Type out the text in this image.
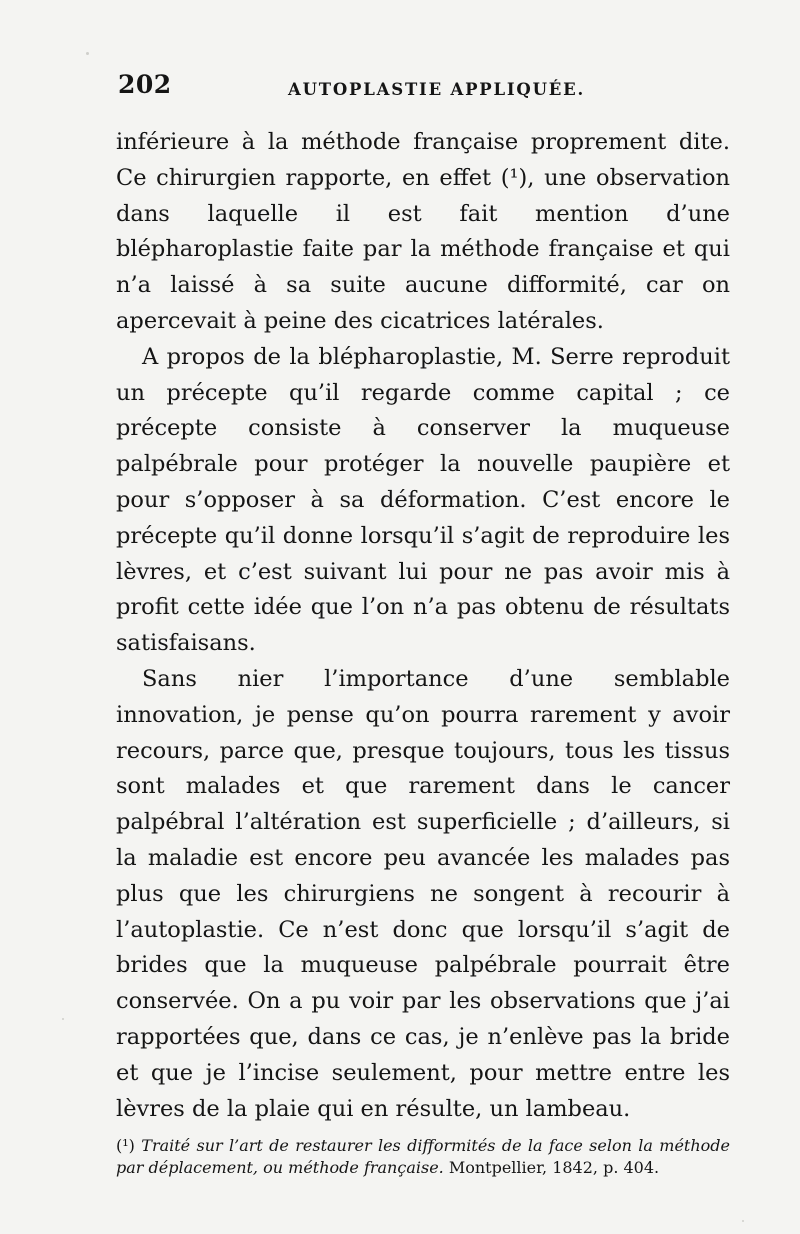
202	AUTOPLASTIE APPLIQUÉE.

inférieure à la méthode française proprement dite. Ce chirurgien rapporte, en effet (¹), une observation dans laquelle il est fait mention d’une blépharoplastie faite par la méthode française et qui n’a laissé à sa suite aucune difformité, car on apercevait à peine des cicatrices latérales.

A propos de la blépharoplastie, M. Serre reproduit un précepte qu’il regarde comme capital ; ce précepte consiste à conserver la muqueuse palpébrale pour protéger la nouvelle paupière et pour s’opposer à sa déformation. C’est encore le précepte qu’il donne lorsqu’il s’agit de reproduire les lèvres, et c’est suivant lui pour ne pas avoir mis à profit cette idée que l’on n’a pas obtenu de résultats satisfaisans.

Sans nier l’importance d’une semblable innovation, je pense qu’on pourra rarement y avoir recours, parce que, presque toujours, tous les tissus sont malades et que rarement dans le cancer palpébral l’altération est superficielle ; d’ailleurs, si la maladie est encore peu avancée les malades pas plus que les chirurgiens ne songent à recourir à l’autoplastie. Ce n’est donc que lorsqu’il s’agit de brides que la muqueuse palpébrale pourrait être conservée. On a pu voir par les observations que j’ai rapportées que, dans ce cas, je n’enlève pas la bride et que je l’incise seulement, pour mettre entre les lèvres de la plaie qui en résulte, un lambeau.

(¹) Traité sur l’art de restaurer les difformités de la face selon la méthode par déplacement, ou méthode française. Montpellier, 1842, p. 404.
